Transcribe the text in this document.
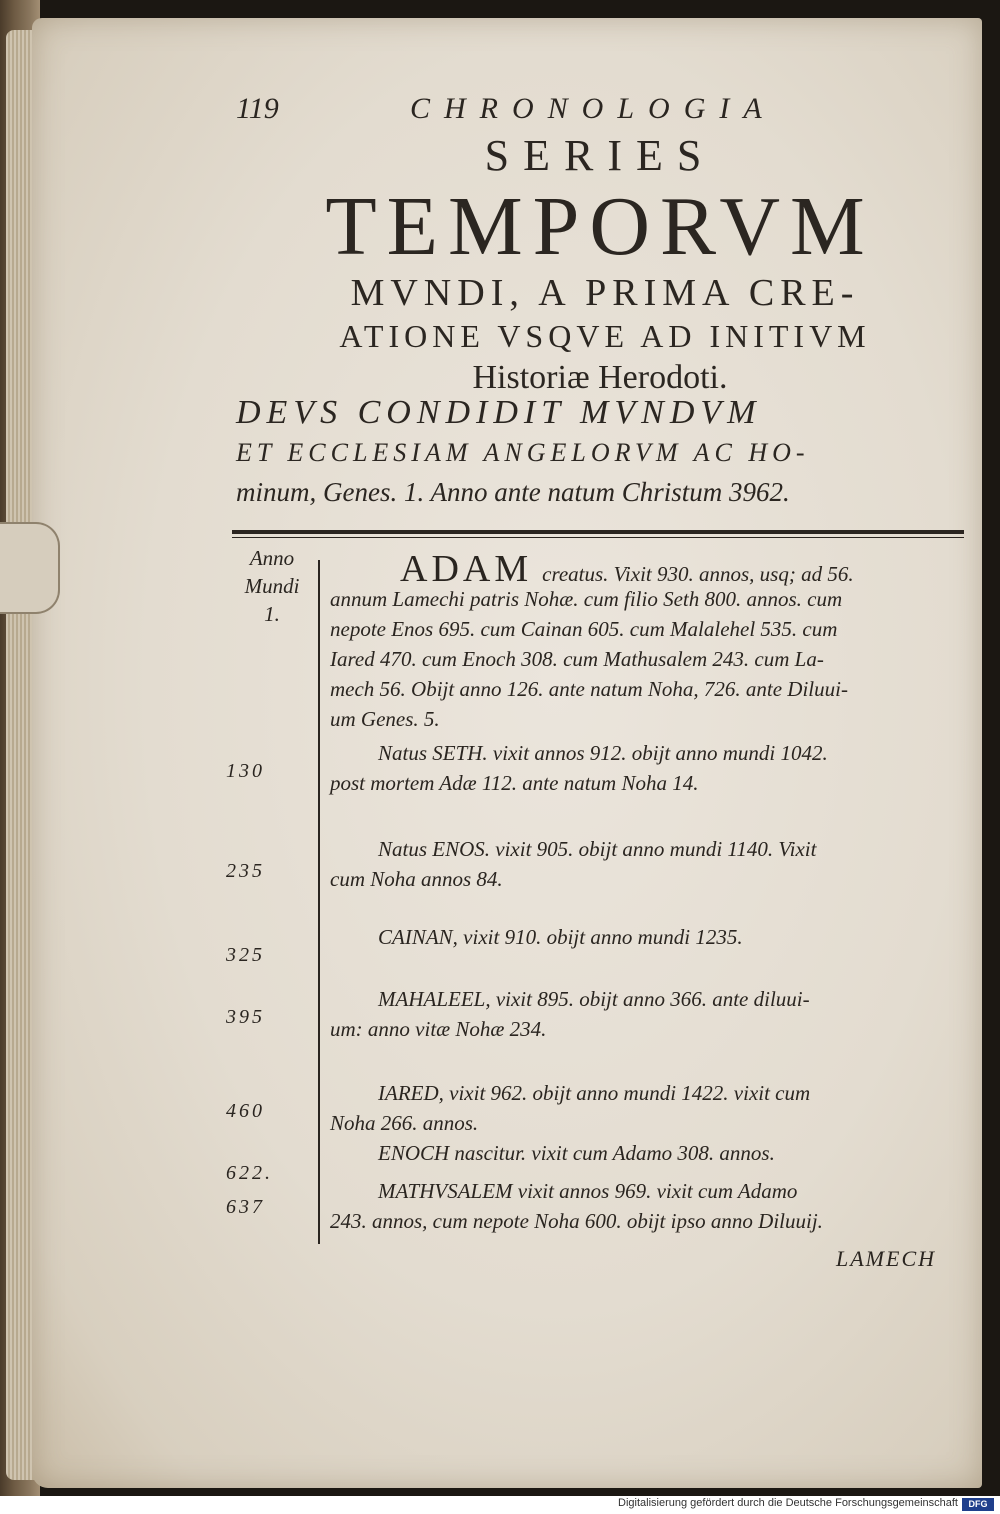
119	CHRONOLOGIA
SERIES
TEMPORVM
MVNDI, A PRIMA CRE-
ATIONE VSQVE AD INITIVM
Historiæ Herodoti.
DEVS CONDIDIT MVNDVM
ET ECCLESIAM ANGELORVM AC HO-
minum, Genes. 1. Anno ante natum Christum 3962.
Anno
Mundi
1.
130
235
325
395
460
622.
637
ADAM creatus. Vixit 930. annos, usq; ad 56.
annum Lamechi patris Nohæ. cum filio Seth 800. annos. cum
nepote Enos 695. cum Cainan 605. cum Malalehel 535. cum
Iared 470. cum Enoch 308. cum Mathusalem 243. cum La-
mech 56. Obijt anno 126. ante natum Noha, 726. ante Diluui-
um Genes. 5.
Natus SETH. vixit annos 912. obijt anno mundi 1042.
post mortem Adæ 112. ante natum Noha 14.
Natus ENOS. vixit 905. obijt anno mundi 1140. Vixit
cum Noha annos 84.
CAINAN, vixit 910. obijt anno mundi 1235.
MAHALEEL, vixit 895. obijt anno 366. ante diluui-
um: anno vitæ Nohæ 234.
IARED, vixit 962. obijt anno mundi 1422. vixit cum
Noha 266. annos.
ENOCH nascitur. vixit cum Adamo 308. annos.
MATHVSALEM vixit annos 969. vixit cum Adamo
243. annos, cum nepote Noha 600. obijt ipso anno Diluuij.
LAMECH
Digitalisierung gefördert durch die Deutsche Forschungsgemeinschaft	DFG
